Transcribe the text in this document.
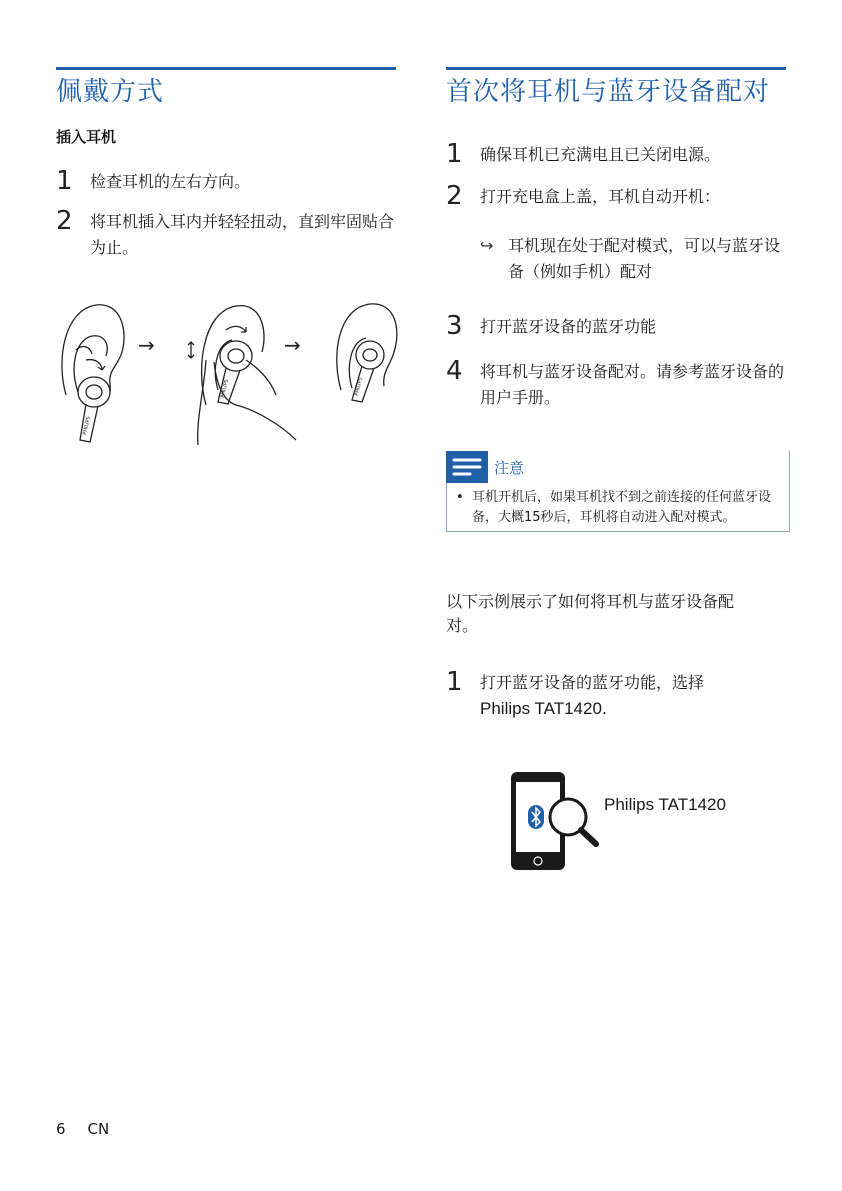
佩戴方式
插入耳机
1	检查耳机的左右方向。
2	将耳机插入耳内并轻轻扭动，直到牢固贴合为止。
PHILIPS
PHILIPS	PHILIPS
→	→
首次将耳机与蓝牙设备配对
1	确保耳机已充满电且已关闭电源。
2	打开充电盒上盖，耳机自动开机：
↪ 耳机现在处于配对模式，可以与蓝牙设备（例如手机）配对
3	打开蓝牙设备的蓝牙功能
4	将耳机与蓝牙设备配对。请参考蓝牙设备的用户手册。
注意
• 耳机开机后，如果耳机找不到之前连接的任何蓝牙设备，大概15秒后，耳机将自动进入配对模式。
以下示例展示了如何将耳机与蓝牙设备配对。
1	打开蓝牙设备的蓝牙功能，选择
Philips TAT1420.
Philips TAT1420
6 CN
